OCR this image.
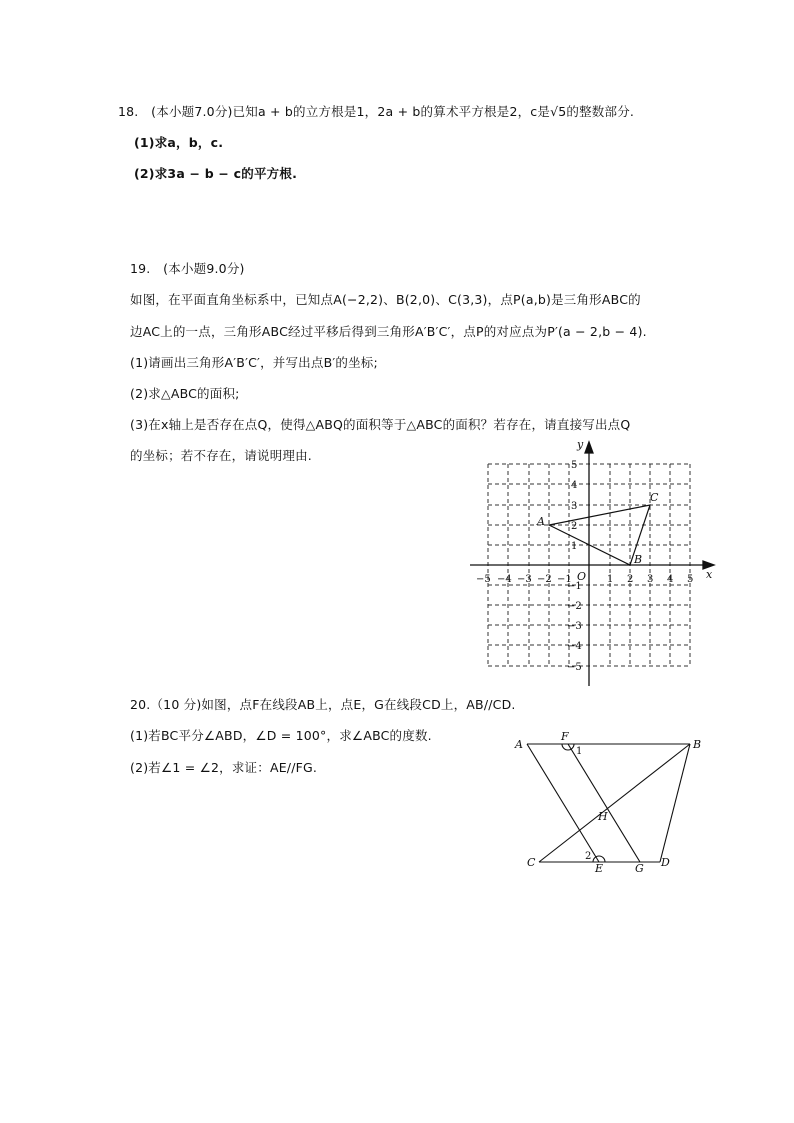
18.　(本小题7.0分)已知a + b的立方根是1，2a + b的算术平方根是2，c是√5的整数部分.
(1)求a，b，c.
(2)求3a − b − c的平方根.
19.　(本小题9.0分)
如图，在平面直角坐标系中，已知点A(−2,2)、B(2,0)、C(3,3)，点P(a,b)是三角形ABC的
边AC上的一点，三角形ABC经过平移后得到三角形A′B′C′，点P的对应点为P′(a − 2,b − 4).
(1)请画出三角形A′B′C′，并写出点B′的坐标;
(2)求△ABC的面积;
(3)在x轴上是否存在点Q，使得△ABQ的面积等于△ABC的面积？若存在，请直接写出点Q
的坐标；若不存在，请说明理由.
x
y
O
−5 −4 −3 −2 −1	1 2 3 4 5
5
4
3
2
1
−1
−2
−3
−4
−5
A
B
C
20.（10 分)如图，点F在线段AB上，点E，G在线段CD上，AB//CD.
(1)若BC平分∠ABD，∠D = 100°，求∠ABC的度数.
(2)若∠1 = ∠2，求证：AE//FG.
A	B
C	D
E
F
G
H
1
2
